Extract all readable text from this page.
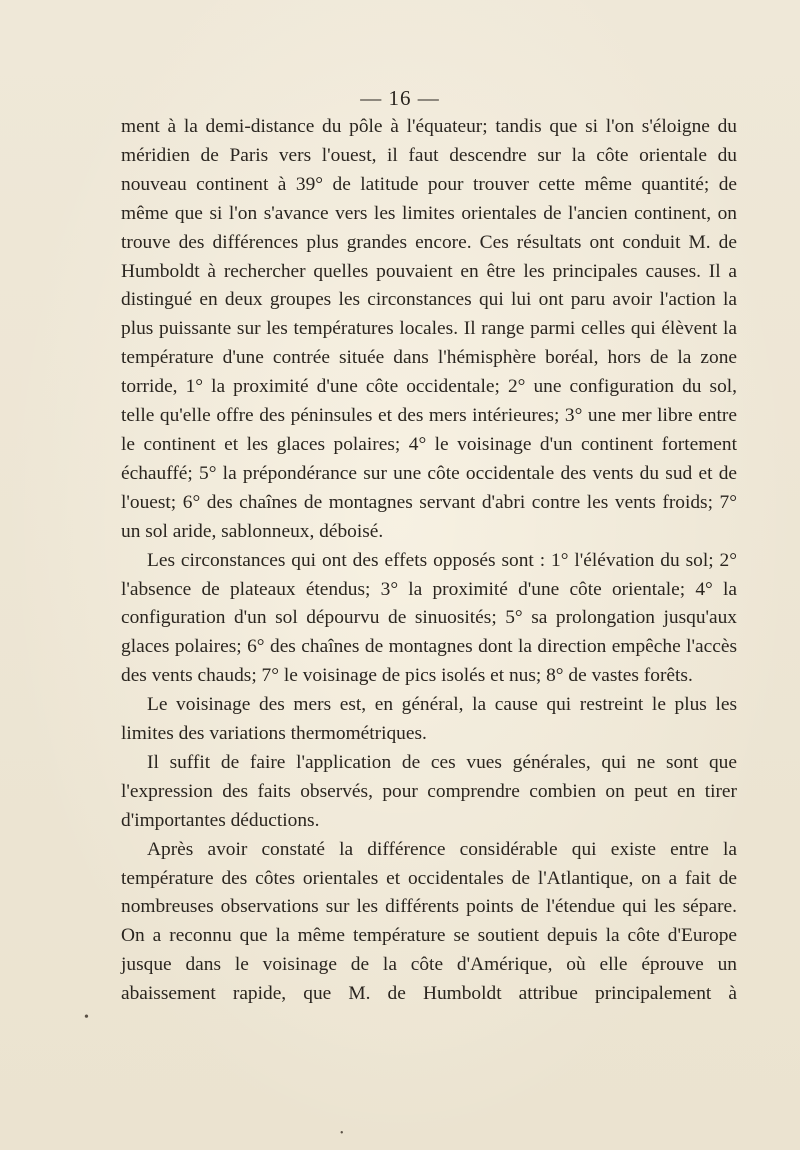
— 16 —

ment à la demi-distance du pôle à l'équateur; tandis que si l'on s'éloigne du méridien de Paris vers l'ouest, il faut descendre sur la côte orientale du nouveau continent à 39° de latitude pour trouver cette même quantité; de même que si l'on s'avance vers les limites orientales de l'ancien continent, on trouve des différences plus grandes encore. Ces résultats ont conduit M. de Humboldt à rechercher quelles pouvaient en être les principales causes. Il a distingué en deux groupes les circonstances qui lui ont paru avoir l'action la plus puissante sur les températures locales. Il range parmi celles qui élèvent la température d'une contrée située dans l'hémisphère boréal, hors de la zone torride, 1° la proximité d'une côte occidentale; 2° une configuration du sol, telle qu'elle offre des péninsules et des mers intérieures; 3° une mer libre entre le continent et les glaces polaires; 4° le voisinage d'un continent fortement échauffé; 5° la prépondérance sur une côte occidentale des vents du sud et de l'ouest; 6° des chaînes de montagnes servant d'abri contre les vents froids; 7° un sol aride, sablonneux, déboisé.

Les circonstances qui ont des effets opposés sont : 1° l'élévation du sol; 2° l'absence de plateaux étendus; 3° la proximité d'une côte orientale; 4° la configuration d'un sol dépourvu de sinuosités; 5° sa prolongation jusqu'aux glaces polaires; 6° des chaînes de montagnes dont la direction empêche l'accès des vents chauds; 7° le voisinage de pics isolés et nus; 8° de vastes forêts.

Le voisinage des mers est, en général, la cause qui restreint le plus les limites des variations thermométriques.

Il suffit de faire l'application de ces vues générales, qui ne sont que l'expression des faits observés, pour comprendre combien on peut en tirer d'importantes déductions.

Après avoir constaté la différence considérable qui existe entre la température des côtes orientales et occidentales de l'Atlantique, on a fait de nombreuses observations sur les différents points de l'étendue qui les sépare. On a reconnu que la même température se soutient depuis la côte d'Europe jusque dans le voisinage de la côte d'Amérique, où elle éprouve un abaissement rapide, que M. de Humboldt attribue principalement à

•
•
